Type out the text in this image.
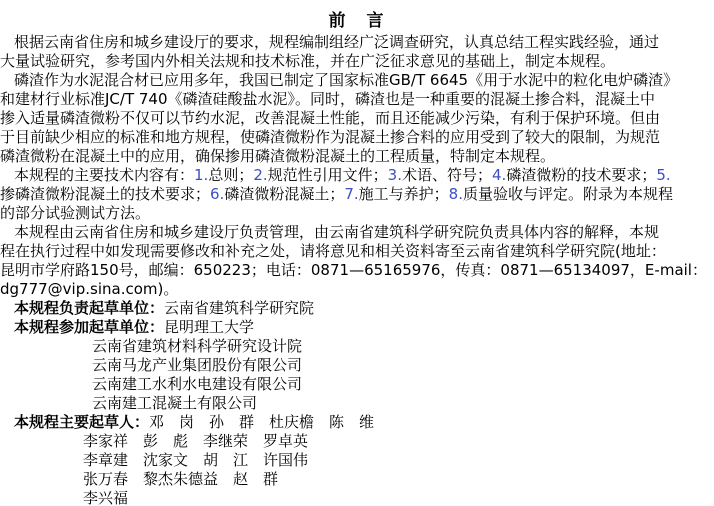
前　言
根据云南省住房和城乡建设厅的要求，规程编制组经广泛调查研究，认真总结工程实践经验，通过
大量试验研究，参考国内外相关法规和技术标准，并在广泛征求意见的基础上，制定本规程。
磷渣作为水泥混合材已应用多年，我国已制定了国家标准GB/T 6645《用于水泥中的粒化电炉磷渣》
和建材行业标准JC/T 740《磷渣硅酸盐水泥》。同时，磷渣也是一种重要的混凝土掺合料，混凝土中
掺入适量磷渣微粉不仅可以节约水泥，改善混凝土性能，而且还能减少污染，有利于保护环境。但由
于目前缺少相应的标准和地方规程，使磷渣微粉作为混凝土掺合料的应用受到了较大的限制，为规范
磷渣微粉在混凝土中的应用，确保掺用磷渣微粉混凝土的工程质量，特制定本规程。
本规程的主要技术内容有：1.总则；2.规范性引用文件；3.术语、符号；4.磷渣微粉的技术要求；5.
掺磷渣微粉混凝土的技术要求；6.磷渣微粉混凝土；7.施工与养护；8.质量验收与评定。附录为本规程
的部分试验测试方法。
本规程由云南省住房和城乡建设厅负责管理，由云南省建筑科学研究院负责具体内容的解释，本规
程在执行过程中如发现需要修改和补充之处，请将意见和相关资料寄至云南省建筑科学研究院(地址：
昆明市学府路150号，邮编：650223；电话：0871—65165976，传真：0871—65134097，E-mail：
dg777@vip.sina.com)。
本规程负责起草单位：云南省建筑科学研究院
本规程参加起草单位：昆明理工大学
云南省建筑材料科学研究设计院
云南马龙产业集团股份有限公司
云南建工水利水电建设有限公司
云南建工混凝土有限公司
本规程主要起草人：邓　岗　孙　群　杜庆檐　陈　维
李家祥　彭　彪　李继荣　罗卓英
李章建　沈家文　胡　江　许国伟
张万春　黎杰朱德益　赵　群
李兴福
